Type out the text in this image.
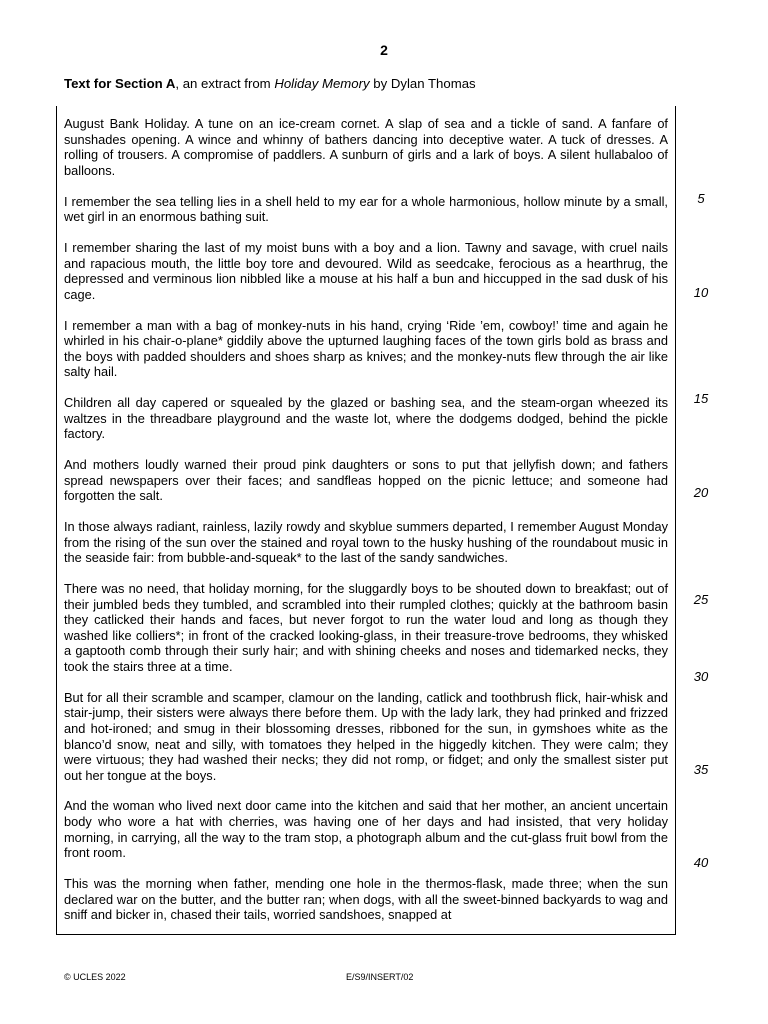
2
Text for Section A, an extract from Holiday Memory by Dylan Thomas

August Bank Holiday. A tune on an ice-cream cornet. A slap of sea and a tickle of sand. A fanfare of sunshades opening. A wince and whinny of bathers dancing into deceptive water. A tuck of dresses. A rolling of trousers. A compromise of paddlers. A sunburn of girls and a lark of boys. A silent hullabaloo of balloons.

I remember the sea telling lies in a shell held to my ear for a whole harmonious, hollow minute by a small, wet girl in an enormous bathing suit.

I remember sharing the last of my moist buns with a boy and a lion. Tawny and savage, with cruel nails and rapacious mouth, the little boy tore and devoured. Wild as seedcake, ferocious as a hearthrug, the depressed and verminous lion nibbled like a mouse at his half a bun and hiccupped in the sad dusk of his cage.

I remember a man with a bag of monkey-nuts in his hand, crying ‘Ride ’em, cowboy!’ time and again he whirled in his chair-o-plane* giddily above the upturned laughing faces of the town girls bold as brass and the boys with padded shoulders and shoes sharp as knives; and the monkey-nuts flew through the air like salty hail.

Children all day capered or squealed by the glazed or bashing sea, and the steam-organ wheezed its waltzes in the threadbare playground and the waste lot, where the dodgems dodged, behind the pickle factory.

And mothers loudly warned their proud pink daughters or sons to put that jellyfish down; and fathers spread newspapers over their faces; and sandfleas hopped on the picnic lettuce; and someone had forgotten the salt.

In those always radiant, rainless, lazily rowdy and skyblue summers departed, I remember August Monday from the rising of the sun over the stained and royal town to the husky hushing of the roundabout music in the seaside fair: from bubble-and-squeak* to the last of the sandy sandwiches.

There was no need, that holiday morning, for the sluggardly boys to be shouted down to breakfast; out of their jumbled beds they tumbled, and scrambled into their rumpled clothes; quickly at the bathroom basin they catlicked their hands and faces, but never forgot to run the water loud and long as though they washed like colliers*; in front of the cracked looking-glass, in their treasure-trove bedrooms, they whisked a gaptooth comb through their surly hair; and with shining cheeks and noses and tidemarked necks, they took the stairs three at a time.

But for all their scramble and scamper, clamour on the landing, catlick and toothbrush flick, hair-whisk and stair-jump, their sisters were always there before them. Up with the lady lark, they had prinked and frizzed and hot-ironed; and smug in their blossoming dresses, ribboned for the sun, in gymshoes white as the blanco’d snow, neat and silly, with tomatoes they helped in the higgedly kitchen. They were calm; they were virtuous; they had washed their necks; they did not romp, or fidget; and only the smallest sister put out her tongue at the boys.

And the woman who lived next door came into the kitchen and said that her mother, an ancient uncertain body who wore a hat with cherries, was having one of her days and had insisted, that very holiday morning, in carrying, all the way to the tram stop, a photograph album and the cut-glass fruit bowl from the front room.

This was the morning when father, mending one hole in the thermos-flask, made three; when the sun declared war on the butter, and the butter ran; when dogs, with all the sweet-binned backyards to wag and sniff and bicker in, chased their tails, worried sandshoes, snapped at

5
10
15
20
25
30
35
40
© UCLES 2022	E/S9/INSERT/02
